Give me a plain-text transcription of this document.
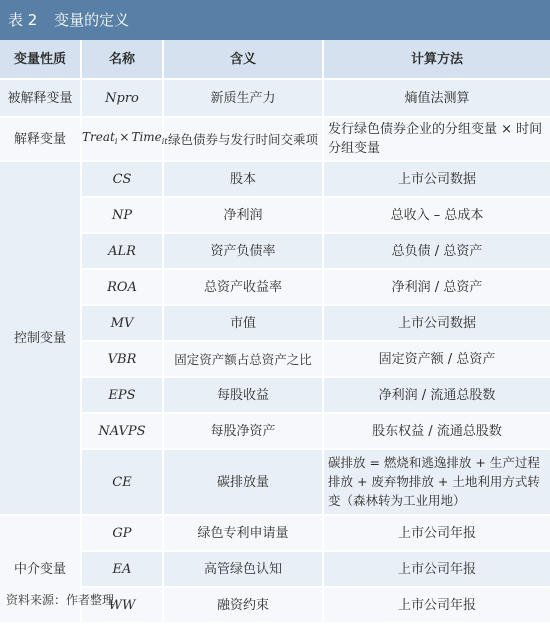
表 2 变量的定义
变量性质	名称	含义	计算方法
被解释变量	Npro	新质生产力	熵值法测算
解释变量	Treat$_i$ × Time$_{it}$	绿色债券与发行时间交乘项	发行绿色债券企业的分组变量 × 时间分组变量
控制变量	CS	股本	上市公司数据
	NP	净利润	总收入 – 总成本
	ALR	资产负债率	总负债 / 总资产
	ROA	总资产收益率	净利润 / 总资产
	MV	市值	上市公司数据
	VBR	固定资产额占总资产之比	固定资产额 / 总资产
	EPS	每股收益	净利润 / 流通总股数
	NAVPS	每股净资产	股东权益 / 流通总股数
	CE	碳排放量	碳排放 = 燃烧和逃逸排放 + 生产过程排放 + 废弃物排放 + 土地利用方式转变（森林转为工业用地）
中介变量	GP	绿色专利申请量	上市公司年报
	EA	高管绿色认知	上市公司年报
	WW	融资约束	上市公司年报
资料来源：作者整理
